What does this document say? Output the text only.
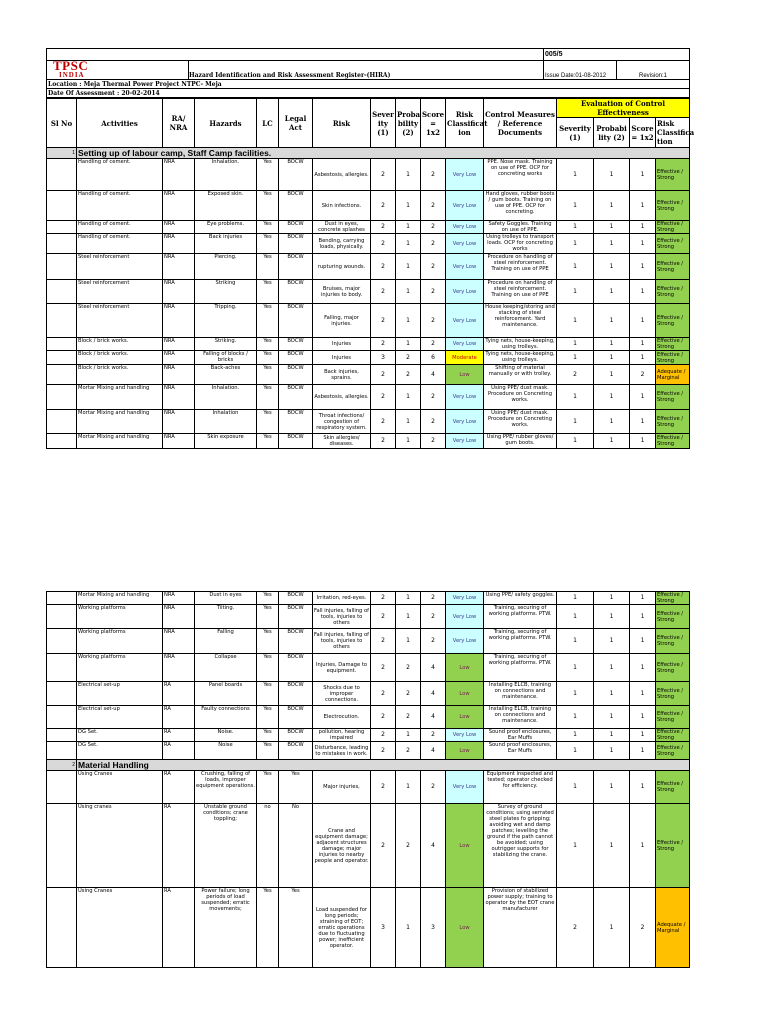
		005/5	

TPSC
INDIA	Hazard Identification and Risk Assessment Register-(HIRA)	Issue Date:01-08-2012	Revision:1
Location : Meja Thermal Power Project NTPC- Meja			
Date Of Assessment : 20-02-2014			
Sl No	Activities	RA/ NRA	Hazards	LC	Legal Act	Risk	Sever ity (1)	Proba bility (2)	Score = 1x2	Risk Classificat ion	Control Measures / Reference Documents	Evaluation of Control Effectiveness			
												Severity (1)	Probabi lity (2)	Score = 1x2	Risk Classifica tion
1	Setting up of labour camp, Staff Camp facilities.														
	Handling of cement.	NRA	Inhalation.	Yes	BOCW	Asbestosis, allergies.	2	1	2	Very Low	PPE. Nose mask. Training on use of PPE. OCP for concreting works	1	1	1	Effective / Strong
	Handling of cement.	NRA	Exposed skin.	Yes	BOCW	Skin infections.	2	1	2	Very Low	Hand gloves, rubber boots / gum boots. Training on use of PPE. OCP for concreting.	1	1	1	Effective / Strong
	Handling of cement.	NRA	Eye problems.	Yes	BOCW	Dust in eyes, concrete splashes	2	1	2	Very Low	Safety Goggles. Training on use of PPE.	1	1	1	Effective / Strong
	Handling of cement.	NRA	Back injuries	Yes	BOCW	Bending, carrying loads, physically.	2	1	2	Very Low	Using trolleys to transport loads. OCP for concreting works	1	1	1	Effective / Strong
	Steel reinforcement	NRA	Piercing.	Yes	BOCW	rupturing wounds.	2	1	2	Very Low	Procedure on handling of steel reinforcement. Training on use of PPE	1	1	1	Effective / Strong
	Steel reinforcement	NRA	Striking	Yes	BOCW	Bruises, major injuries to body.	2	1	2	Very Low	Procedure on handling of steel reinforcement. Training on use of PPE	1	1	1	Effective / Strong
	Steel reinforcement	NRA	Tripping.	Yes	BOCW	Falling, major injuries.	2	1	2	Very Low	House keeping/storing and stacking of steel reinforcement. Yard maintenance.	1	1	1	Effective / Strong
	Block / brick works.	NRA	Striking.	Yes	BOCW	Injuries	2	1	2	Very Low	Tying nets, house-keeping, using trolleys.	1	1	1	Effective / Strong
	Block / brick works.	NRA	Falling of blocks / bricks	Yes	BOCW	Injuries	3	2	6	Moderate	Tying nets, house-keeping, using trolleys.	1	1	1	Effective / Strong
	Block / brick works.	NRA	Back-aches	Yes	BOCW	Back injuries, sprains.	2	2	4	Low	Shifting of material manually or with trolley.	2	1	2	Adequate / Marginal
	Mortar Mixing and handling	NRA	Inhalation.	Yes	BOCW	Asbestosis, allergies.	2	1	2	Very Low	Using PPE/ dust mask. Procedure on Concreting works.	1	1	1	Effective / Strong
	Mortar Mixing and handling	NRA	Inhalation	Yes	BOCW	Throat infections/ congestion of respiratory system.	2	1	2	Very Low	Using PPE/ dust mask. Procedure on Concreting works.	1	1	1	Effective / Strong
	Mortar Mixing and handling	NRA	Skin exposure	Yes	BOCW	Skin allergies/ diseases.	2	1	2	Very Low	Using PPE/ rubber gloves/ gum boots.	1	1	1	Effective / Strong
	Mortar Mixing and handling	NRA	Dust in eyes	Yes	BOCW	Irritation, red-eyes.	2	1	2	Very Low	Using PPE/ safety goggles.	1	1	1	Effective / Strong
	Working platforms	NRA	Tilting.	Yes	BOCW	Fall injuries, falling of tools, injuries to others	2	1	2	Very Low	Training, securing of working platforms. PTW.	1	1	1	Effective / Strong
	Working platforms	NRA	Falling	Yes	BOCW	Fall injuries, falling of tools, injuries to others	2	1	2	Very Low	Training, securing of working platforms. PTW.	1	1	1	Effective / Strong
	Working platforms	NRA	Collapse	Yes	BOCW	Injuries, Damage to equipment.	2	2	4	Low	Training, securing of working platforms. PTW.	1	1	1	Effective / Strong
	Electrical set-up	RA	Panel boards	Yes	BOCW	Shocks due to improper connections.	2	2	4	Low	Installing ELCB, training on connections and maintenance.	1	1	1	Effective / Strong
	Electrical set-up	RA	Faulty connections	Yes	BOCW	Electrocution.	2	2	4	Low	Installing ELCB, training on connections and maintenance.	1	1	1	Effective / Strong
	DG Set.	RA	Noise.	Yes	BOCW	pollution, hearing impaired	2	1	2	Very Low	Sound proof enclosures, Ear Muffs	1	1	1	Effective / Strong
	DG Set.	RA	Noise	Yes	BOCW	Disturbance, leading to mistakes in work.	2	2	4	Low	Sound proof enclosures, Ear Muffs	1	1	1	Effective / Strong
2	Material Handling														
	Using Cranes	RA	Crushing, falling of loads, improper equipment operations.	Yes	Yes	Major injuries,	2	1	2	Very Low	Equipment inspected and tested; operator checked for efficiency.	1	1	1	Effective / Strong
	Using cranes	RA	Unstable ground conditions; crane toppling;	no	No	Crane and equipment damage; adjacent structures damage; major injuries to nearby people and operator.	2	2	4	Low	Survey of ground conditions; using serrated steel plates fo gripping; avoiding wet and damp patches; levelling the ground if the path cannot be avoided; using outrigger supports for stabilizing the crane.	1	1	1	Effective / Strong
	Using Cranes	RA	Power failure; long periods of load suspended; erratic movements;	Yes	Yes	Load suspended for long periods; straining of EOT; erratic operations due to fluctuating power; inefficient operator.	3	1	3	Low	Provision of stabilized power supply; training to operator by the EOT crane manufacturer	2	1	2	Adequate / Marginal
